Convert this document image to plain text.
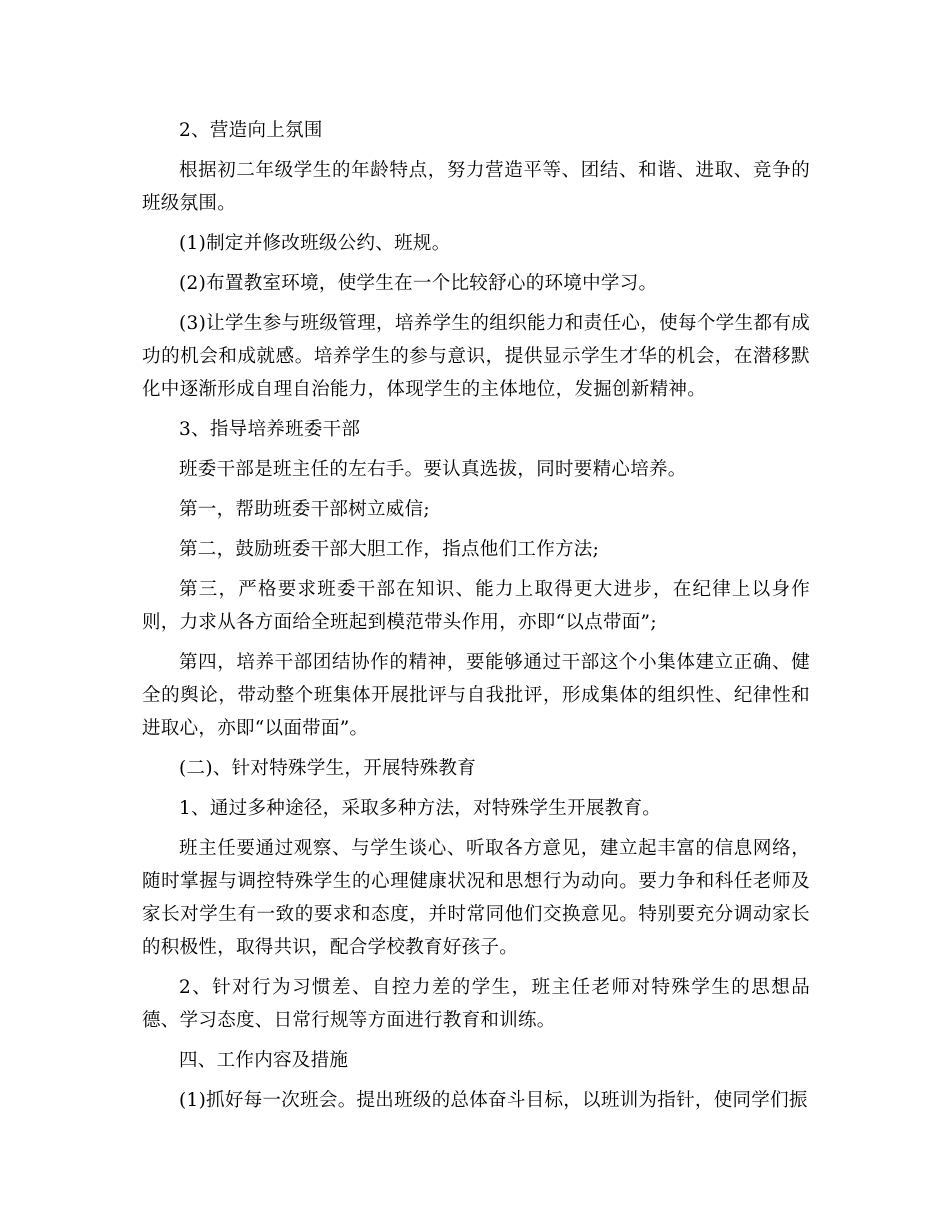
2、营造向上氛围

根据初二年级学生的年龄特点，努力营造平等、团结、和谐、进取、竞争的班级氛围。

(1)制定并修改班级公约、班规。

(2)布置教室环境，使学生在一个比较舒心的环境中学习。

(3)让学生参与班级管理，培养学生的组织能力和责任心，使每个学生都有成功的机会和成就感。培养学生的参与意识，提供显示学生才华的机会，在潜移默化中逐渐形成自理自治能力，体现学生的主体地位，发掘创新精神。

3、指导培养班委干部

班委干部是班主任的左右手。要认真选拔，同时要精心培养。

第一，帮助班委干部树立威信;

第二，鼓励班委干部大胆工作，指点他们工作方法;

第三，严格要求班委干部在知识、能力上取得更大进步，在纪律上以身作则，力求从各方面给全班起到模范带头作用，亦即“以点带面”;

第四，培养干部团结协作的精神，要能够通过干部这个小集体建立正确、健全的舆论，带动整个班集体开展批评与自我批评，形成集体的组织性、纪律性和进取心，亦即“以面带面”。

(二)、针对特殊学生，开展特殊教育

1、通过多种途径，采取多种方法，对特殊学生开展教育。

班主任要通过观察、与学生谈心、听取各方意见，建立起丰富的信息网络，随时掌握与调控特殊学生的心理健康状况和思想行为动向。要力争和科任老师及家长对学生有一致的要求和态度，并时常同他们交换意见。特别要充分调动家长的积极性，取得共识，配合学校教育好孩子。

2、针对行为习惯差、自控力差的学生，班主任老师对特殊学生的思想品德、学习态度、日常行规等方面进行教育和训练。

四、工作内容及措施

(1)抓好每一次班会。提出班级的总体奋斗目标，以班训为指针，使同学们振
